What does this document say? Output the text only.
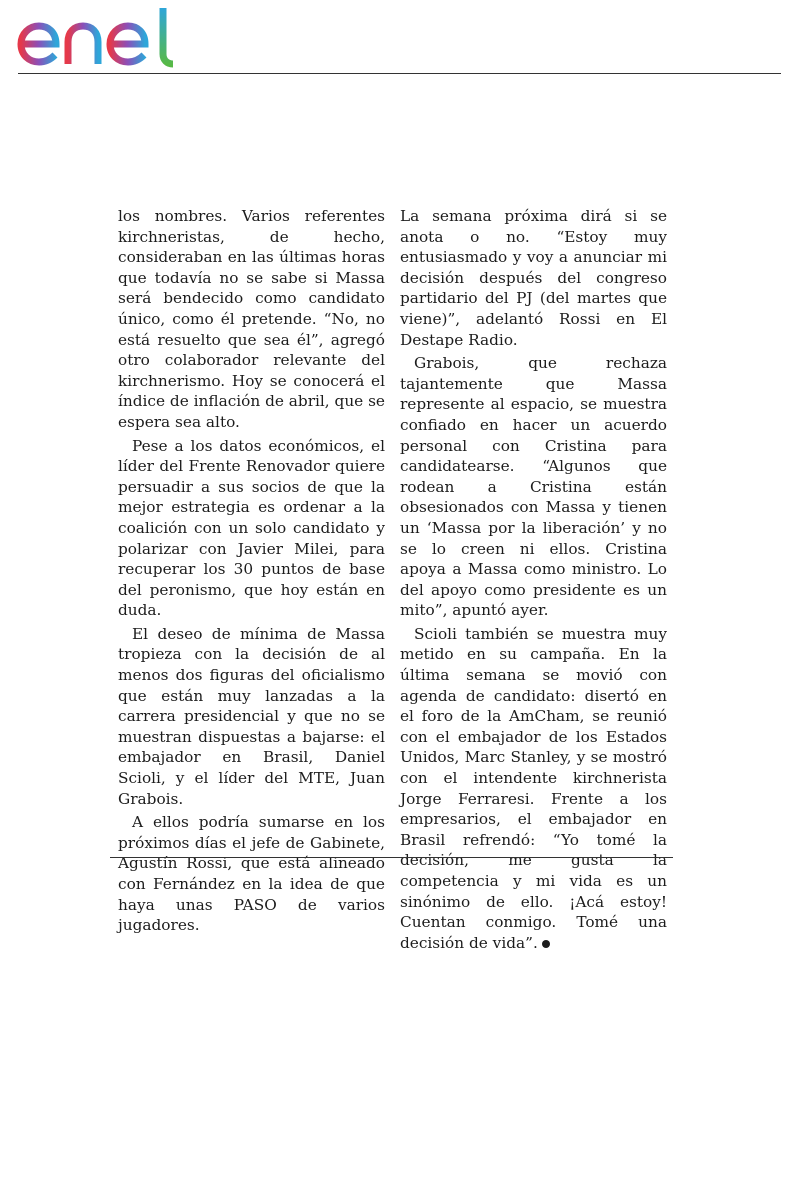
enel

los nombres. Varios referentes kirchneristas, de hecho, consideraban en las últimas horas que todavía no se sabe si Massa será bendecido como candidato único, como él pretende. “No, no está resuelto que sea él”, agregó otro colaborador relevante del kirchnerismo. Hoy se conocerá el índice de inflación de abril, que se espera sea alto.

Pese a los datos económicos, el líder del Frente Renovador quiere persuadir a sus socios de que la mejor estrategia es ordenar a la coalición con un solo candidato y polarizar con Javier Milei, para recuperar los 30 puntos de base del peronismo, que hoy están en duda.

El deseo de mínima de Massa tropieza con la decisión de al menos dos figuras del oficialismo que están muy lanzadas a la carrera presidencial y que no se muestran dispuestas a bajarse: el embajador en Brasil, Daniel Scioli, y el líder del MTE, Juan Grabois.

A ellos podría sumarse en los próximos días el jefe de Gabinete, Agustín Rossi, que está alineado con Fernández en la idea de que haya unas PASO de varios jugadores.

La semana próxima dirá si se anota o no. “Estoy muy entusiasmado y voy a anunciar mi decisión después del congreso partidario del PJ (del martes que viene)”, adelantó Rossi en El Destape Radio.

Grabois, que rechaza tajantemente que Massa represente al espacio, se muestra confiado en hacer un acuerdo personal con Cristina para candidatearse. “Algunos que rodean a Cristina están obsesionados con Massa y tienen un ‘Massa por la liberación’ y no se lo creen ni ellos. Cristina apoya a Massa como ministro. Lo del apoyo como presidente es un mito”, apuntó ayer.

Scioli también se muestra muy metido en su campaña. En la última semana se movió con agenda de candidato: disertó en el foro de la AmCham, se reunió con el embajador de los Estados Unidos, Marc Stanley, y se mostró con el intendente kirchnerista Jorge Ferraresi. Frente a los empresarios, el embajador en Brasil refrendó: “Yo tomé la decisión, me gusta la competencia y mi vida es un sinónimo de ello. ¡Acá estoy! Cuentan conmigo. Tomé una decisión de vida”.
